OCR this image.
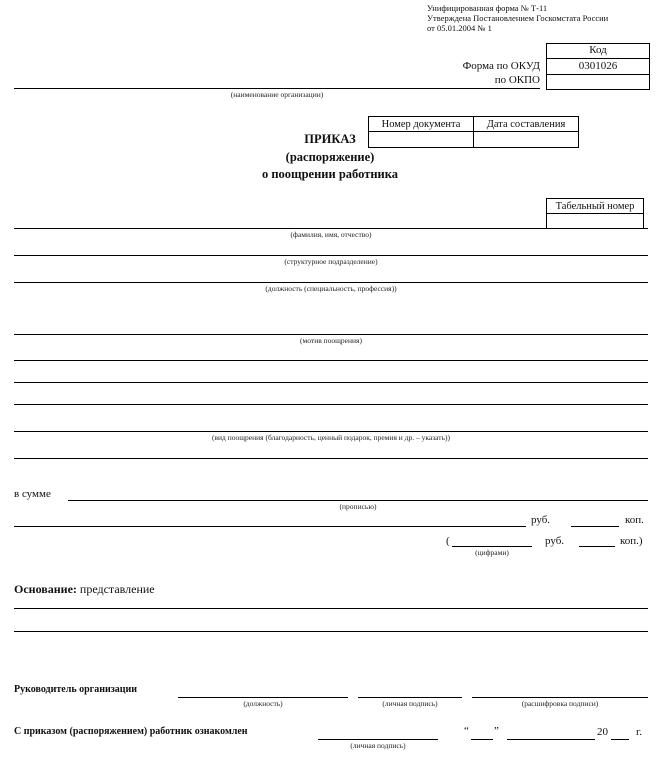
Унифицированная форма № Т-11
Утверждена Постановлением Госкомстата России
от 05.01.2004 № 1
Код
Форма по ОКУД	0301026
по ОКПО
(наименование организации)
Номер документа	Дата составления

ПРИКАЗ
(распоряжение)
о поощрении работника
Табельный номер

(фамилия, имя, отчество)
(структурное подразделение)
(должность (специальность, профессия))
(мотив поощрения)
(вид поощрения (благодарность, ценный подарок, премия и др. – указать))
в сумме
(прописью)
руб.	коп.
(
(цифрами)
руб.	коп.)
Основание: представление
Руководитель организации
(должность)	(личная подпись)	(расшифровка подписи)
С приказом (распоряжением) работник ознакомлен
(личная подпись)
“ ”	20	г.
